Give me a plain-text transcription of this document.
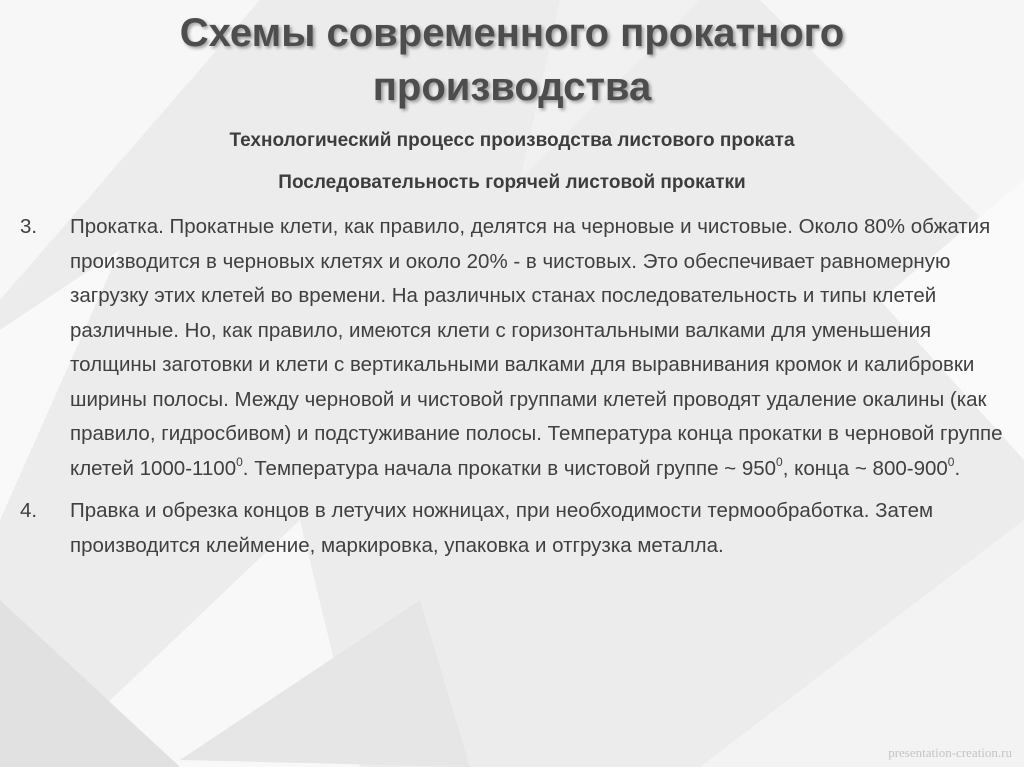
Схемы современного прокатного
производства
Технологический процесс производства листового проката
Последовательность горячей листовой прокатки
3. Прокатка. Прокатные клети, как правило, делятся на черновые и чистовые. Около 80% обжатия производится в черновых клетях и около 20% - в чистовых. Это обеспечивает равномерную загрузку этих клетей во времени. На различных станах последовательность и типы клетей различные. Но, как правило, имеются клети с горизонтальными валками для уменьшения толщины заготовки и клети с вертикальными валками для выравнивания кромок и калибровки ширины полосы. Между черновой и чистовой группами клетей проводят удаление окалины (как правило, гидросбивом) и подстуживание полосы. Температура конца прокатки в черновой группе клетей 1000-1100$^0$. Температура начала прокатки в чистовой группе ~ $950^0$, конца ~ $800-900^0$.
4. Правка и обрезка концов в летучих ножницах, при необходимости термообработка. Затем производится клеймение, маркировка, упаковка и отгрузка металла.
presentation-creation.ru
